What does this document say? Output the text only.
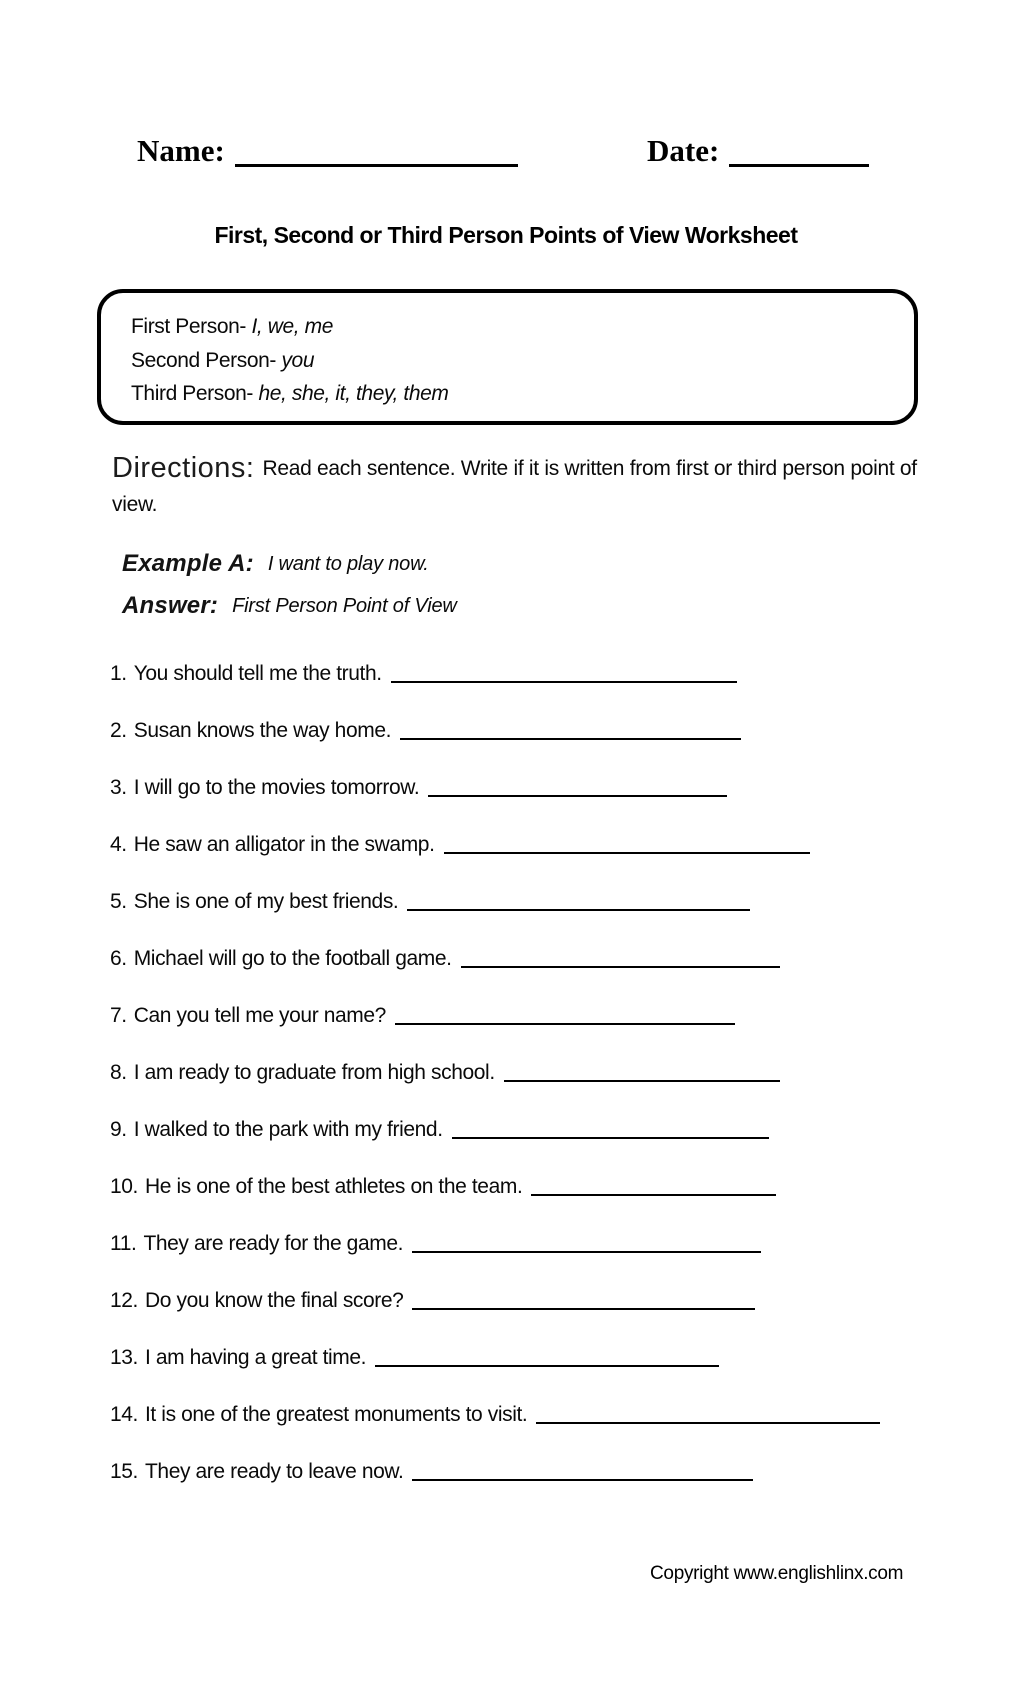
Name:	Date:
First, Second or Third Person Points of View Worksheet
First Person- I, we, me
Second Person- you
Third Person- he, she, it, they, them
Directions: Read each sentence. Write if it is written from first or third person point of view.
Example A: I want to play now.
Answer: First Person Point of View
1. You should tell me the truth.
2. Susan knows the way home.
3. I will go to the movies tomorrow.
4. He saw an alligator in the swamp.
5. She is one of my best friends.
6. Michael will go to the football game.
7. Can you tell me your name?
8. I am ready to graduate from high school.
9. I walked to the park with my friend.
10. He is one of the best athletes on the team.
11. They are ready for the game.
12. Do you know the final score?
13. I am having a great time.
14. It is one of the greatest monuments to visit.
15. They are ready to leave now.
Copyright www.englishlinx.com
